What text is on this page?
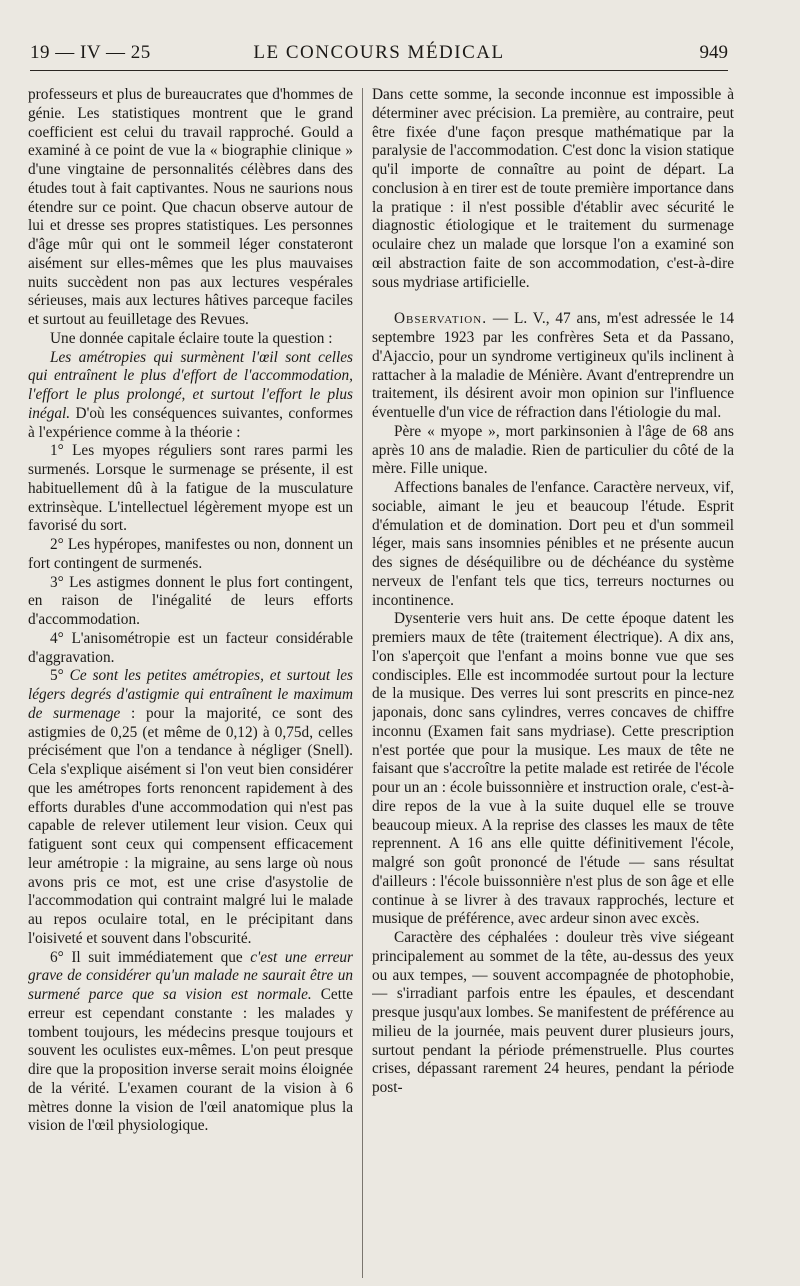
19 — IV — 25	LE CONCOURS MÉDICAL	949

professeurs et plus de bureaucrates que d'hommes de génie. Les statistiques montrent que le grand coefficient est celui du travail rapproché. Gould a examiné à ce point de vue la « biographie clinique » d'une vingtaine de personnalités célèbres dans des études tout à fait captivantes. Nous ne saurions nous étendre sur ce point. Que chacun observe autour de lui et dresse ses propres statistiques. Les personnes d'âge mûr qui ont le sommeil léger constateront aisément sur elles-mêmes que les plus mauvaises nuits succèdent non pas aux lectures vespérales sérieuses, mais aux lectures hâtives parceque faciles et surtout au feuilletage des Revues.

Une donnée capitale éclaire toute la question :

Les amétropies qui surmènent l'œil sont celles qui entraînent le plus d'effort de l'accommodation, l'effort le plus prolongé, et surtout l'effort le plus inégal. D'où les conséquences suivantes, conformes à l'expérience comme à la théorie :

1° Les myopes réguliers sont rares parmi les surmenés. Lorsque le surmenage se présente, il est habituellement dû à la fatigue de la musculature extrinsèque. L'intellectuel légèrement myope est un favorisé du sort.

2° Les hypéropes, manifestes ou non, donnent un fort contingent de surmenés.

3° Les astigmes donnent le plus fort contingent, en raison de l'inégalité de leurs efforts d'accommodation.

4° L'anisométropie est un facteur considérable d'aggravation.

5° Ce sont les petites amétropies, et surtout les légers degrés d'astigmie qui entraînent le maximum de surmenage : pour la majorité, ce sont des astigmies de 0,25 (et même de 0,12) à 0,75d, celles précisément que l'on a tendance à négliger (Snell). Cela s'explique aisément si l'on veut bien considérer que les amétropes forts renoncent rapidement à des efforts durables d'une accommodation qui n'est pas capable de relever utilement leur vision. Ceux qui fatiguent sont ceux qui compensent efficacement leur amétropie : la migraine, au sens large où nous avons pris ce mot, est une crise d'asystolie de l'accommodation qui contraint malgré lui le malade au repos oculaire total, en le précipitant dans l'oisiveté et souvent dans l'obscurité.

6° Il suit immédiatement que c'est une erreur grave de considérer qu'un malade ne saurait être un surmené parce que sa vision est normale. Cette erreur est cependant constante : les malades y tombent toujours, les médecins presque toujours et souvent les oculistes eux-mêmes. L'on peut presque dire que la proposition inverse serait moins éloignée de la vérité. L'examen courant de la vision à 6 mètres donne la vision de l'œil anatomique plus la vision de l'œil physiologique.

Dans cette somme, la seconde inconnue est impossible à déterminer avec précision. La première, au contraire, peut être fixée d'une façon presque mathématique par la paralysie de l'accommodation. C'est donc la vision statique qu'il importe de connaître au point de départ. La conclusion à en tirer est de toute première importance dans la pratique : il n'est possible d'établir avec sécurité le diagnostic étiologique et le traitement du surmenage oculaire chez un malade que lorsque l'on a examiné son œil abstraction faite de son accommodation, c'est-à-dire sous mydriase artificielle.

Observation. — L. V., 47 ans, m'est adressée le 14 septembre 1923 par les confrères Seta et da Passano, d'Ajaccio, pour un syndrome vertigineux qu'ils inclinent à rattacher à la maladie de Ménière. Avant d'entreprendre un traitement, ils désirent avoir mon opinion sur l'influence éventuelle d'un vice de réfraction dans l'étiologie du mal.

Père « myope », mort parkinsonien à l'âge de 68 ans après 10 ans de maladie. Rien de particulier du côté de la mère. Fille unique.

Affections banales de l'enfance. Caractère nerveux, vif, sociable, aimant le jeu et beaucoup l'étude. Esprit d'émulation et de domination. Dort peu et d'un sommeil léger, mais sans insomnies pénibles et ne présente aucun des signes de déséquilibre ou de déchéance du système nerveux de l'enfant tels que tics, terreurs nocturnes ou incontinence.

Dysenterie vers huit ans. De cette époque datent les premiers maux de tête (traitement électrique). A dix ans, l'on s'aperçoit que l'enfant a moins bonne vue que ses condisciples. Elle est incommodée surtout pour la lecture de la musique. Des verres lui sont prescrits en pince-nez japonais, donc sans cylindres, verres concaves de chiffre inconnu (Examen fait sans mydriase). Cette prescription n'est portée que pour la musique. Les maux de tête ne faisant que s'accroître la petite malade est retirée de l'école pour un an : école buissonnière et instruction orale, c'est-à-dire repos de la vue à la suite duquel elle se trouve beaucoup mieux. A la reprise des classes les maux de tête reprennent. A 16 ans elle quitte définitivement l'école, malgré son goût prononcé de l'étude — sans résultat d'ailleurs : l'école buissonnière n'est plus de son âge et elle continue à se livrer à des travaux rapprochés, lecture et musique de préférence, avec ardeur sinon avec excès.

Caractère des céphalées : douleur très vive siégeant principalement au sommet de la tête, au-dessus des yeux ou aux tempes, — souvent accompagnée de photophobie, — s'irradiant parfois entre les épaules, et descendant presque jusqu'aux lombes. Se manifestent de préférence au milieu de la journée, mais peuvent durer plusieurs jours, surtout pendant la période prémenstruelle. Plus courtes crises, dépassant rarement 24 heures, pendant la période post-
